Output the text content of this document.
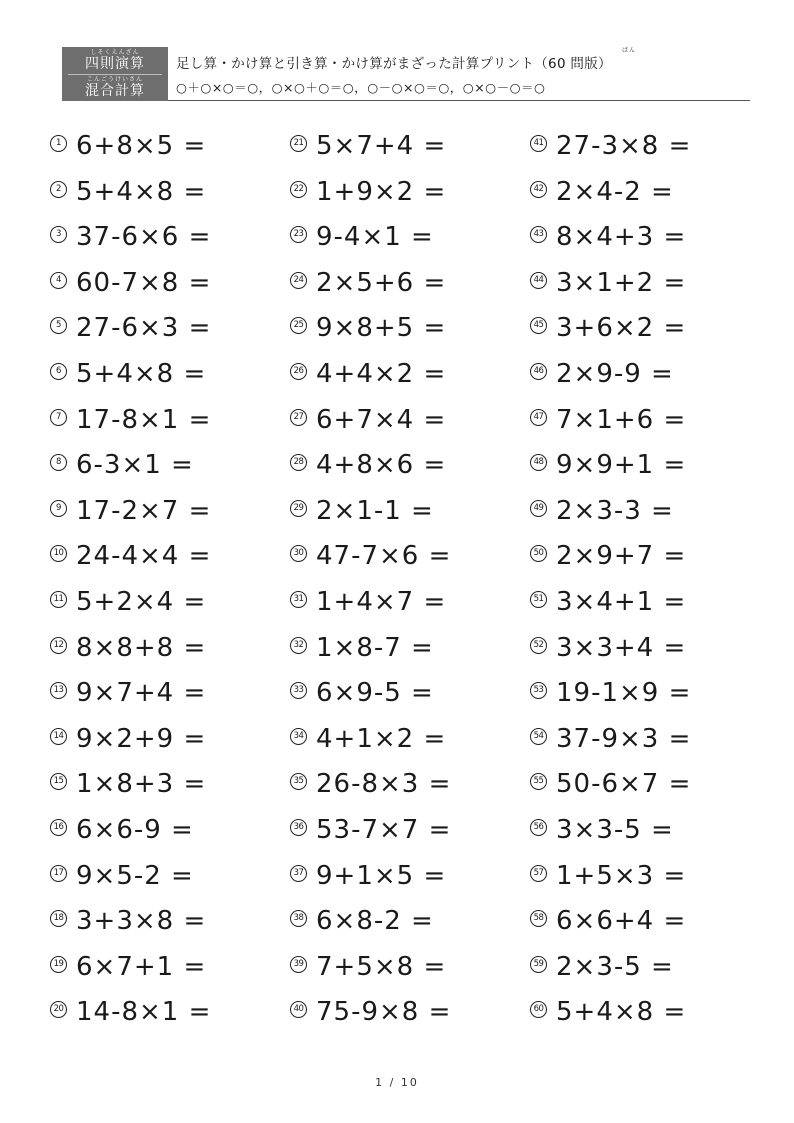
しそくえんざん
四則演算
こんごうけいさん
混合計算
ばん
足し算・かけ算と引き算・かけ算がまざった計算プリント（60 問版）
○＋○×○＝○，○×○＋○＝○，○－○×○＝○，○×○－○＝○
1 6+8×5 =
2 5+4×8 =
3 37-6×6 =
4 60-7×8 =
5 27-6×3 =
6 5+4×8 =
7 17-8×1 =
8 6-3×1 =
9 17-2×7 =
10 24-4×4 =
11 5+2×4 =
12 8×8+8 =
13 9×7+4 =
14 9×2+9 =
15 1×8+3 =
16 6×6-9 =
17 9×5-2 =
18 3+3×8 =
19 6×7+1 =
20 14-8×1 =
21 5×7+4 =
22 1+9×2 =
23 9-4×1 =
24 2×5+6 =
25 9×8+5 =
26 4+4×2 =
27 6+7×4 =
28 4+8×6 =
29 2×1-1 =
30 47-7×6 =
31 1+4×7 =
32 1×8-7 =
33 6×9-5 =
34 4+1×2 =
35 26-8×3 =
36 53-7×7 =
37 9+1×5 =
38 6×8-2 =
39 7+5×8 =
40 75-9×8 =
41 27-3×8 =
42 2×4-2 =
43 8×4+3 =
44 3×1+2 =
45 3+6×2 =
46 2×9-9 =
47 7×1+6 =
48 9×9+1 =
49 2×3-3 =
50 2×9+7 =
51 3×4+1 =
52 3×3+4 =
53 19-1×9 =
54 37-9×3 =
55 50-6×7 =
56 3×3-5 =
57 1+5×3 =
58 6×6+4 =
59 2×3-5 =
60 5+4×8 =
1 / 10
